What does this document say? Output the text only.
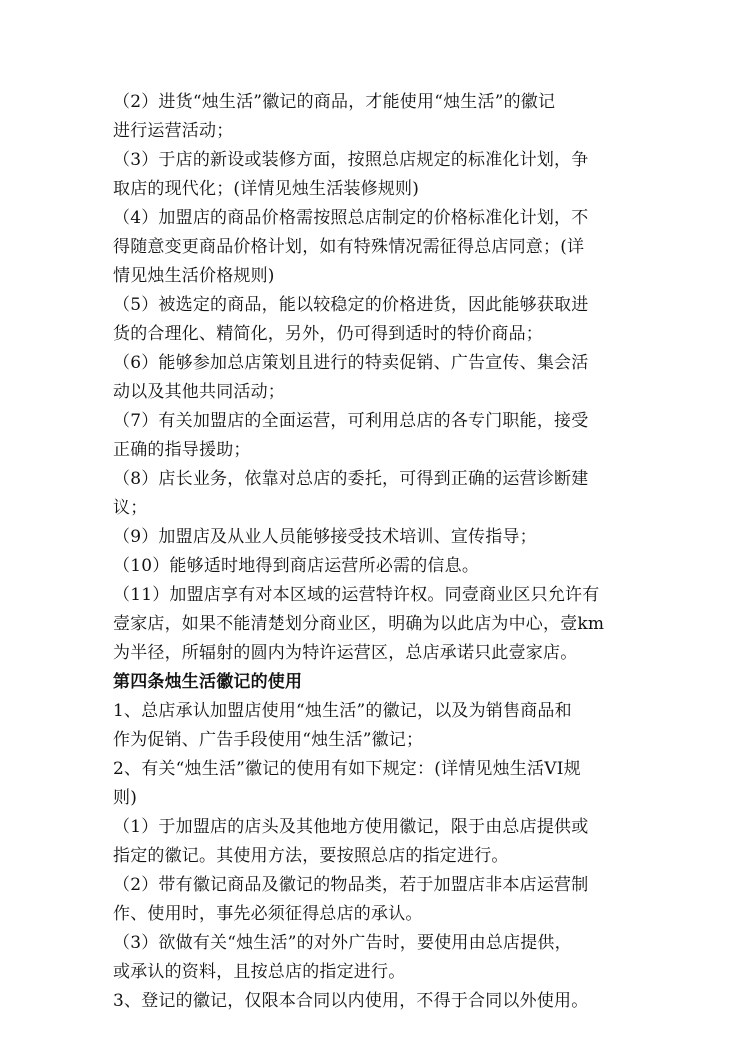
（2）进货“烛生活”徽记的商品，才能使用“烛生活”的徽记
进行运营活动；
（3）于店的新设或装修方面，按照总店规定的标准化计划，争
取店的现代化；(详情见烛生活装修规则)
（4）加盟店的商品价格需按照总店制定的价格标准化计划，不
得随意变更商品价格计划，如有特殊情况需征得总店同意；(详
情见烛生活价格规则)
（5）被选定的商品，能以较稳定的价格进货，因此能够获取进
货的合理化、精简化，另外，仍可得到适时的特价商品；
（6）能够参加总店策划且进行的特卖促销、广告宣传、集会活
动以及其他共同活动；
（7）有关加盟店的全面运营，可利用总店的各专门职能，接受
正确的指导援助；
（8）店长业务，依靠对总店的委托，可得到正确的运营诊断建
议；
（9）加盟店及从业人员能够接受技术培训、宣传指导；
（10）能够适时地得到商店运营所必需的信息。
（11）加盟店享有对本区域的运营特许权。同壹商业区只允许有
壹家店，如果不能清楚划分商业区，明确为以此店为中心，壹km
为半径，所辐射的圆内为特许运营区，总店承诺只此壹家店。
第四条烛生活徽记的使用
1、总店承认加盟店使用“烛生活”的徽记，以及为销售商品和
作为促销、广告手段使用“烛生活”徽记；
2、有关“烛生活”徽记的使用有如下规定：(详情见烛生活VI规
则)
（1）于加盟店的店头及其他地方使用徽记，限于由总店提供或
指定的徽记。其使用方法，要按照总店的指定进行。
（2）带有徽记商品及徽记的物品类，若于加盟店非本店运营制
作、使用时，事先必须征得总店的承认。
（3）欲做有关“烛生活”的对外广告时，要使用由总店提供，
或承认的资料，且按总店的指定进行。
3、登记的徽记，仅限本合同以内使用，不得于合同以外使用。
